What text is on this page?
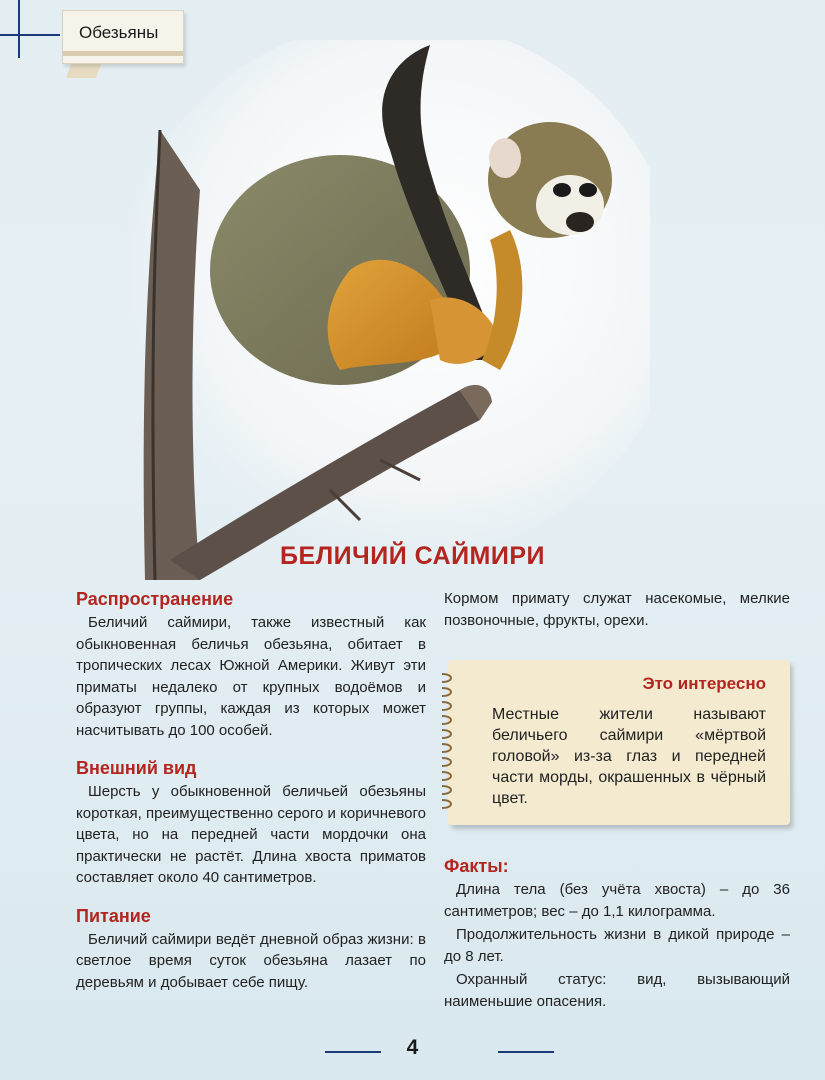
Обезьяны
БЕЛИЧИЙ САЙМИРИ
Распространение

Беличий саймири, также известный как обыкновенная беличья обезьяна, обитает в тропических лесах Южной Америки. Живут эти приматы недалеко от крупных водоёмов и образуют группы, каждая из которых может насчитывать до 100 особей.

Внешний вид

Шерсть у обыкновенной беличьей обезьяны короткая, преимущественно серого и коричневого цвета, но на передней части мордочки она практически не растёт. Длина хвоста приматов составляет около 40 сантиметров.

Питание

Беличий саймири ведёт дневной образ жизни: в светлое время суток обезьяна лазает по деревьям и добывает себе пищу.

Кормом примату служат насекомые, мелкие позвоночные, фрукты, орехи.

Это интересно

Местные жители называют беличьего саймири «мёртвой головой» из-за глаз и передней части морды, окрашенных в чёрный цвет.

Факты:

Длина тела (без учёта хвоста) – до 36 сантиметров; вес – до 1,1 килограмма.

Продолжительность жизни в дикой природе – до 8 лет.

Охранный статус: вид, вызывающий наименьшие опасения.

4
